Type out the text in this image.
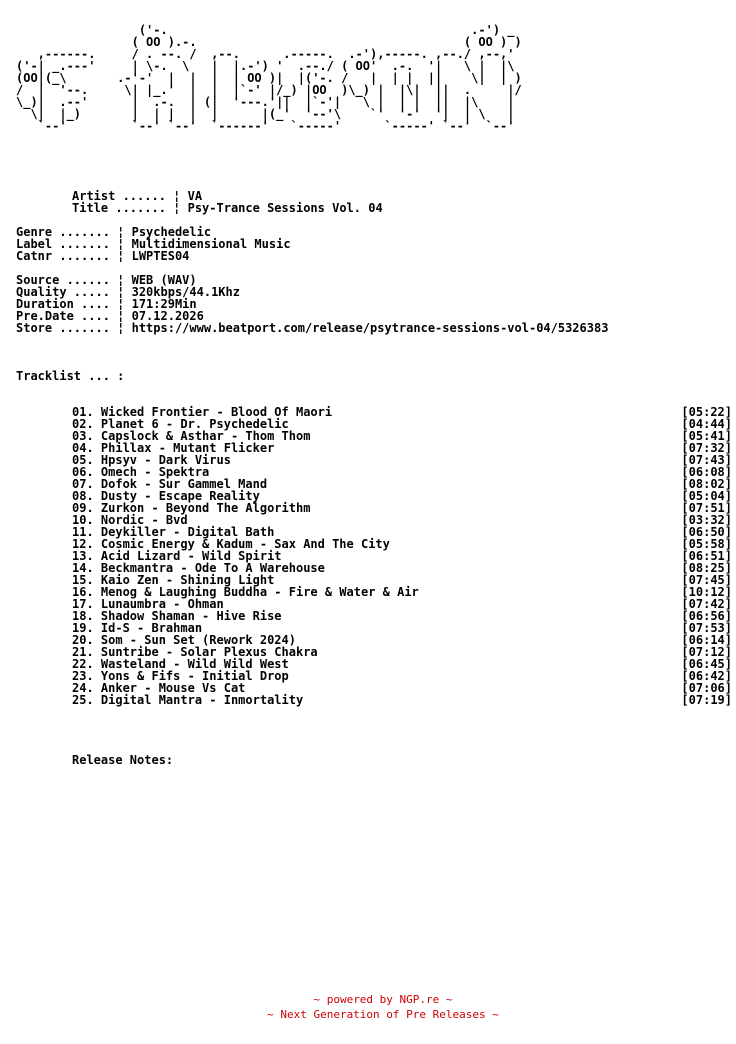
('-.                                          .-') _
( OO ).-.                                     ( OO ) )
,------.     / . --. /  ,--.      .-----.  .-'),-----. ,--./ ,--,'
('-| _.---'     | \-.  \   |  |.-') '  .--./ ( OO'  .-.  '|   \ |  |\
(OO|(_\       .-'-'  |  |  |  | OO )|  |('-. /   |  | |  ||    \|  | )
/  |  '--.     \| |_.'  |  |  |`-' |/_) |OO  )\_) |  |\|  ||  .     |/
\_)|  .--'      |  .-.  | (|  '---.'||  |`-'|   \ |  | |  ||  |\    |
\|  |_)       |  | |  |  |      |(_'  '--'\    `'  '-'  '|  | \   |
`--'         `--' `--'  `------'   `-----'      `-----' `--'  `--'
Artist ...... ¦ VA
Title ....... ¦ Psy-Trance Sessions Vol. 04
Genre ....... ¦ Psychedelic
Label ....... ¦ Multidimensional Music
Catnr ....... ¦ LWPTES04
Source ...... ¦ WEB (WAV)
Quality ..... ¦ 320kbps/44.1Khz
Duration .... ¦ 171:29Min
Pre.Date .... ¦ 07.12.2026
Store ....... ¦ https://www.beatport.com/release/psytrance-sessions-vol-04/5326383
Tracklist ... :
01. Wicked Frontier - Blood Of Maori	[05:22]
02. Planet 6 - Dr. Psychedelic	[04:44]
03. Capslock & Asthar - Thom Thom	[05:41]
04. Phillax - Mutant Flicker	[07:32]
05. Hpsyv - Dark Virus	[07:43]
06. Omech - Spektra	[06:08]
07. Dofok - Sur Gammel Mand	[08:02]
08. Dusty - Escape Reality	[05:04]
09. Zurkon - Beyond The Algorithm	[07:51]
10. Nordic - Bvd	[03:32]
11. Deykiller - Digital Bath	[06:50]
12. Cosmic Energy & Kadum - Sax And The City	[05:58]
13. Acid Lizard - Wild Spirit	[06:51]
14. Beckmantra - Ode To A Warehouse	[08:25]
15. Kaio Zen - Shining Light	[07:45]
16. Menog & Laughing Buddha - Fire & Water & Air	[10:12]
17. Lunaumbra - Ohman	[07:42]
18. Shadow Shaman - Hive Rise	[06:56]
19. Id-S - Brahman	[07:53]
20. Som - Sun Set (Rework 2024)	[06:14]
21. Suntribe - Solar Plexus Chakra	[07:12]
22. Wasteland - Wild Wild West	[06:45]
23. Yons & Fifs - Initial Drop	[06:42]
24. Anker - Mouse Vs Cat	[07:06]
25. Digital Mantra - Inmortality	[07:19]
Release Notes:
~ powered by NGP.re ~
~ Next Generation of Pre Releases ~
